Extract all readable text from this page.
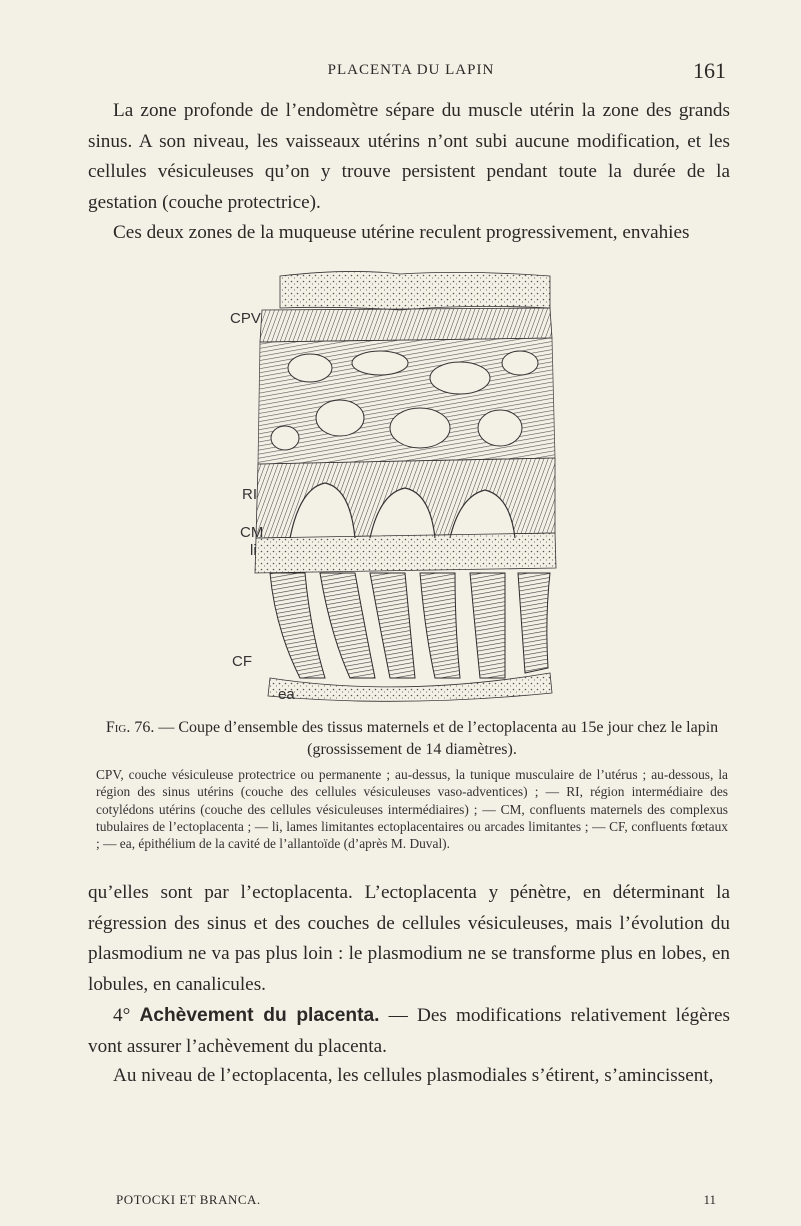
PLACENTA DU LAPIN	161

La zone profonde de l’endomètre sépare du muscle utérin la zone des grands sinus. A son niveau, les vaisseaux utérins n’ont subi aucune modification, et les cellules vésiculeuses qu’on y trouve persistent pendant toute la durée de la gestation (couche protectrice).

Ces deux zones de la muqueuse utérine reculent progressivement, envahies

CPV
RI
CM
li
CF
ea

Fig. 76. — Coupe d’ensemble des tissus maternels et de l’ectoplacenta au 15e jour chez le lapin (grossissement de 14 diamètres).

CPV, couche vésiculeuse protectrice ou permanente ; au-dessus, la tunique musculaire de l’utérus ; au-dessous, la région des sinus utérins (couche des cellules vésiculeuses vaso-adventices) ; — RI, région intermédiaire des cotylédons utérins (couche des cellules vésiculeuses intermédiaires) ; — CM, confluents maternels des complexus tubulaires de l’ectoplacenta ; — li, lames limitantes ectoplacentaires ou arcades limitantes ; — CF, confluents fœtaux ; — ea, épithélium de la cavité de l’allantoïde (d’après M. Duval).

qu’elles sont par l’ectoplacenta. L’ectoplacenta y pénètre, en déterminant la régression des sinus et des couches de cellules vésiculeuses, mais l’évolution du plasmodium ne va pas plus loin : le plasmodium ne se transforme plus en lobes, en lobules, en canalicules.

4° Achèvement du placenta. — Des modifications relativement légères vont assurer l’achèvement du placenta.

Au niveau de l’ectoplacenta, les cellules plasmodiales s’étirent, s’amincissent,

POTOCKI ET BRANCA.	11
